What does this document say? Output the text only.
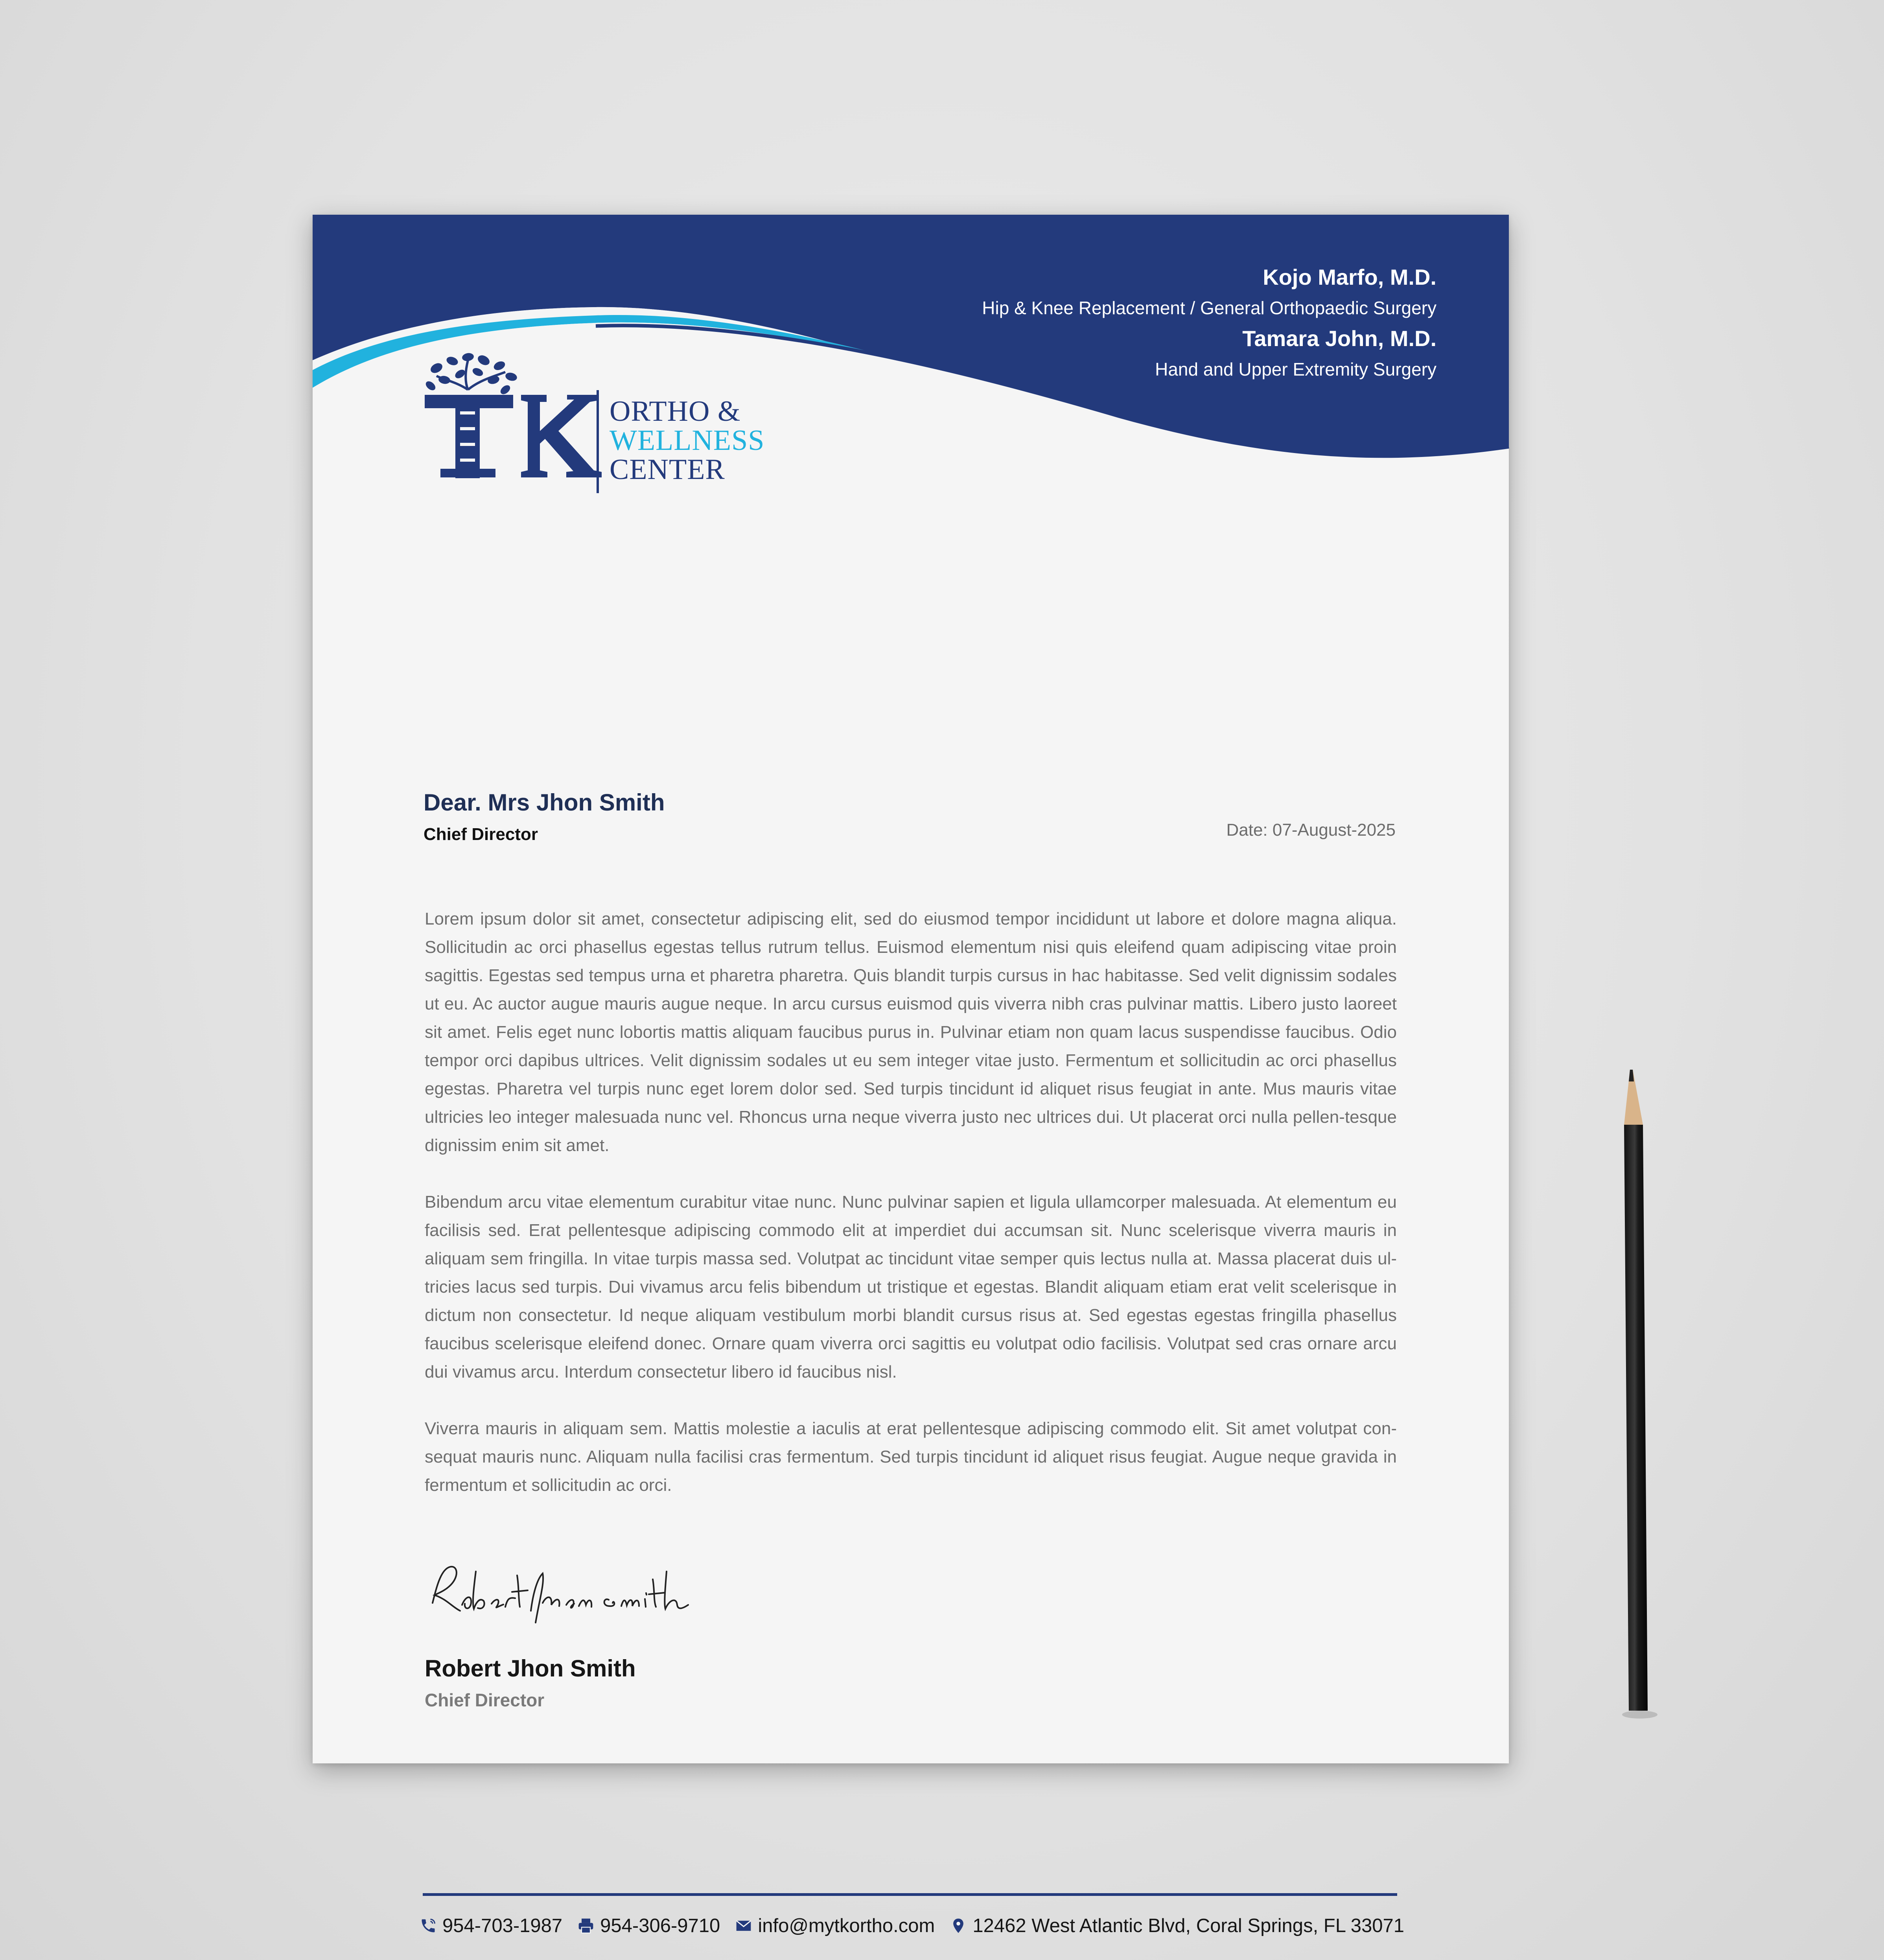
Kojo Marfo, M.D.
Hip & Knee Replacement / General Orthopaedic Surgery
Tamara John, M.D.
Hand and Upper Extremity Surgery
ORTHO &
WELLNESS
CENTER
Dear. Mrs Jhon Smith
Chief Director	Date: 07-August-2025

Lorem ipsum dolor sit amet, consectetur adipiscing elit, sed do eiusmod tempor incididunt ut labore et dolore magna aliqua. Sollicitudin ac orci phasellus egestas tellus rutrum tellus. Euismod elementum nisi quis eleifend quam adipiscing vitae proin sagittis. Egestas sed tempus urna et pharetra pharetra. Quis blandit turpis cursus in hac habitasse. Sed velit dignissim sodales ut eu. Ac auctor augue mauris augue neque. In arcu cursus euismod quis viverra nibh cras pulvinar mattis. Libero justo laoreet sit amet. Felis eget nunc lobortis mattis aliquam faucibus purus in. Pulvinar etiam non quam lacus suspendisse faucibus. Odio tempor orci dapibus ultrices. Velit dignissim sodales ut eu sem integer vitae justo. Fermentum et sollicitudin ac orci phasellus egestas. Pharetra vel turpis nunc eget lorem dolor sed. Sed turpis tincidunt id aliquet risus feugiat in ante. Mus mauris vitae ultricies leo integer malesuada nunc vel. Rhoncus urna neque viverra justo nec ultrices dui. Ut placerat orci nulla pellen-tesque dignissim enim sit amet.

Bibendum arcu vitae elementum curabitur vitae nunc. Nunc pulvinar sapien et ligula ullamcorper malesuada. At elementum eu facilisis sed. Erat pellentesque adipiscing commodo elit at imperdiet dui accumsan sit. Nunc scelerisque viverra mauris in aliquam sem fringilla. In vitae turpis massa sed. Volutpat ac tincidunt vitae semper quis lectus nulla at. Massa placerat duis ul-tricies lacus sed turpis. Dui vivamus arcu felis bibendum ut tristique et egestas. Blandit aliquam etiam erat velit scelerisque in dictum non consectetur. Id neque aliquam vestibulum morbi blandit cursus risus at. Sed egestas egestas fringilla phasellus faucibus scelerisque eleifend donec. Ornare quam viverra orci sagittis eu volutpat odio facilisis. Volutpat sed cras ornare arcu dui vivamus arcu. Interdum consectetur libero id faucibus nisl.

Viverra mauris in aliquam sem. Mattis molestie a iaculis at erat pellentesque adipiscing commodo elit. Sit amet volutpat con-sequat mauris nunc. Aliquam nulla facilisi cras fermentum. Sed turpis tincidunt id aliquet risus feugiat. Augue neque gravida in fermentum et sollicitudin ac orci.

Robert Jhon Smith
Chief Director
954-703-1987 954-306-9710 info@mytkortho.com 12462 West Atlantic Blvd, Coral Springs, FL 33071
